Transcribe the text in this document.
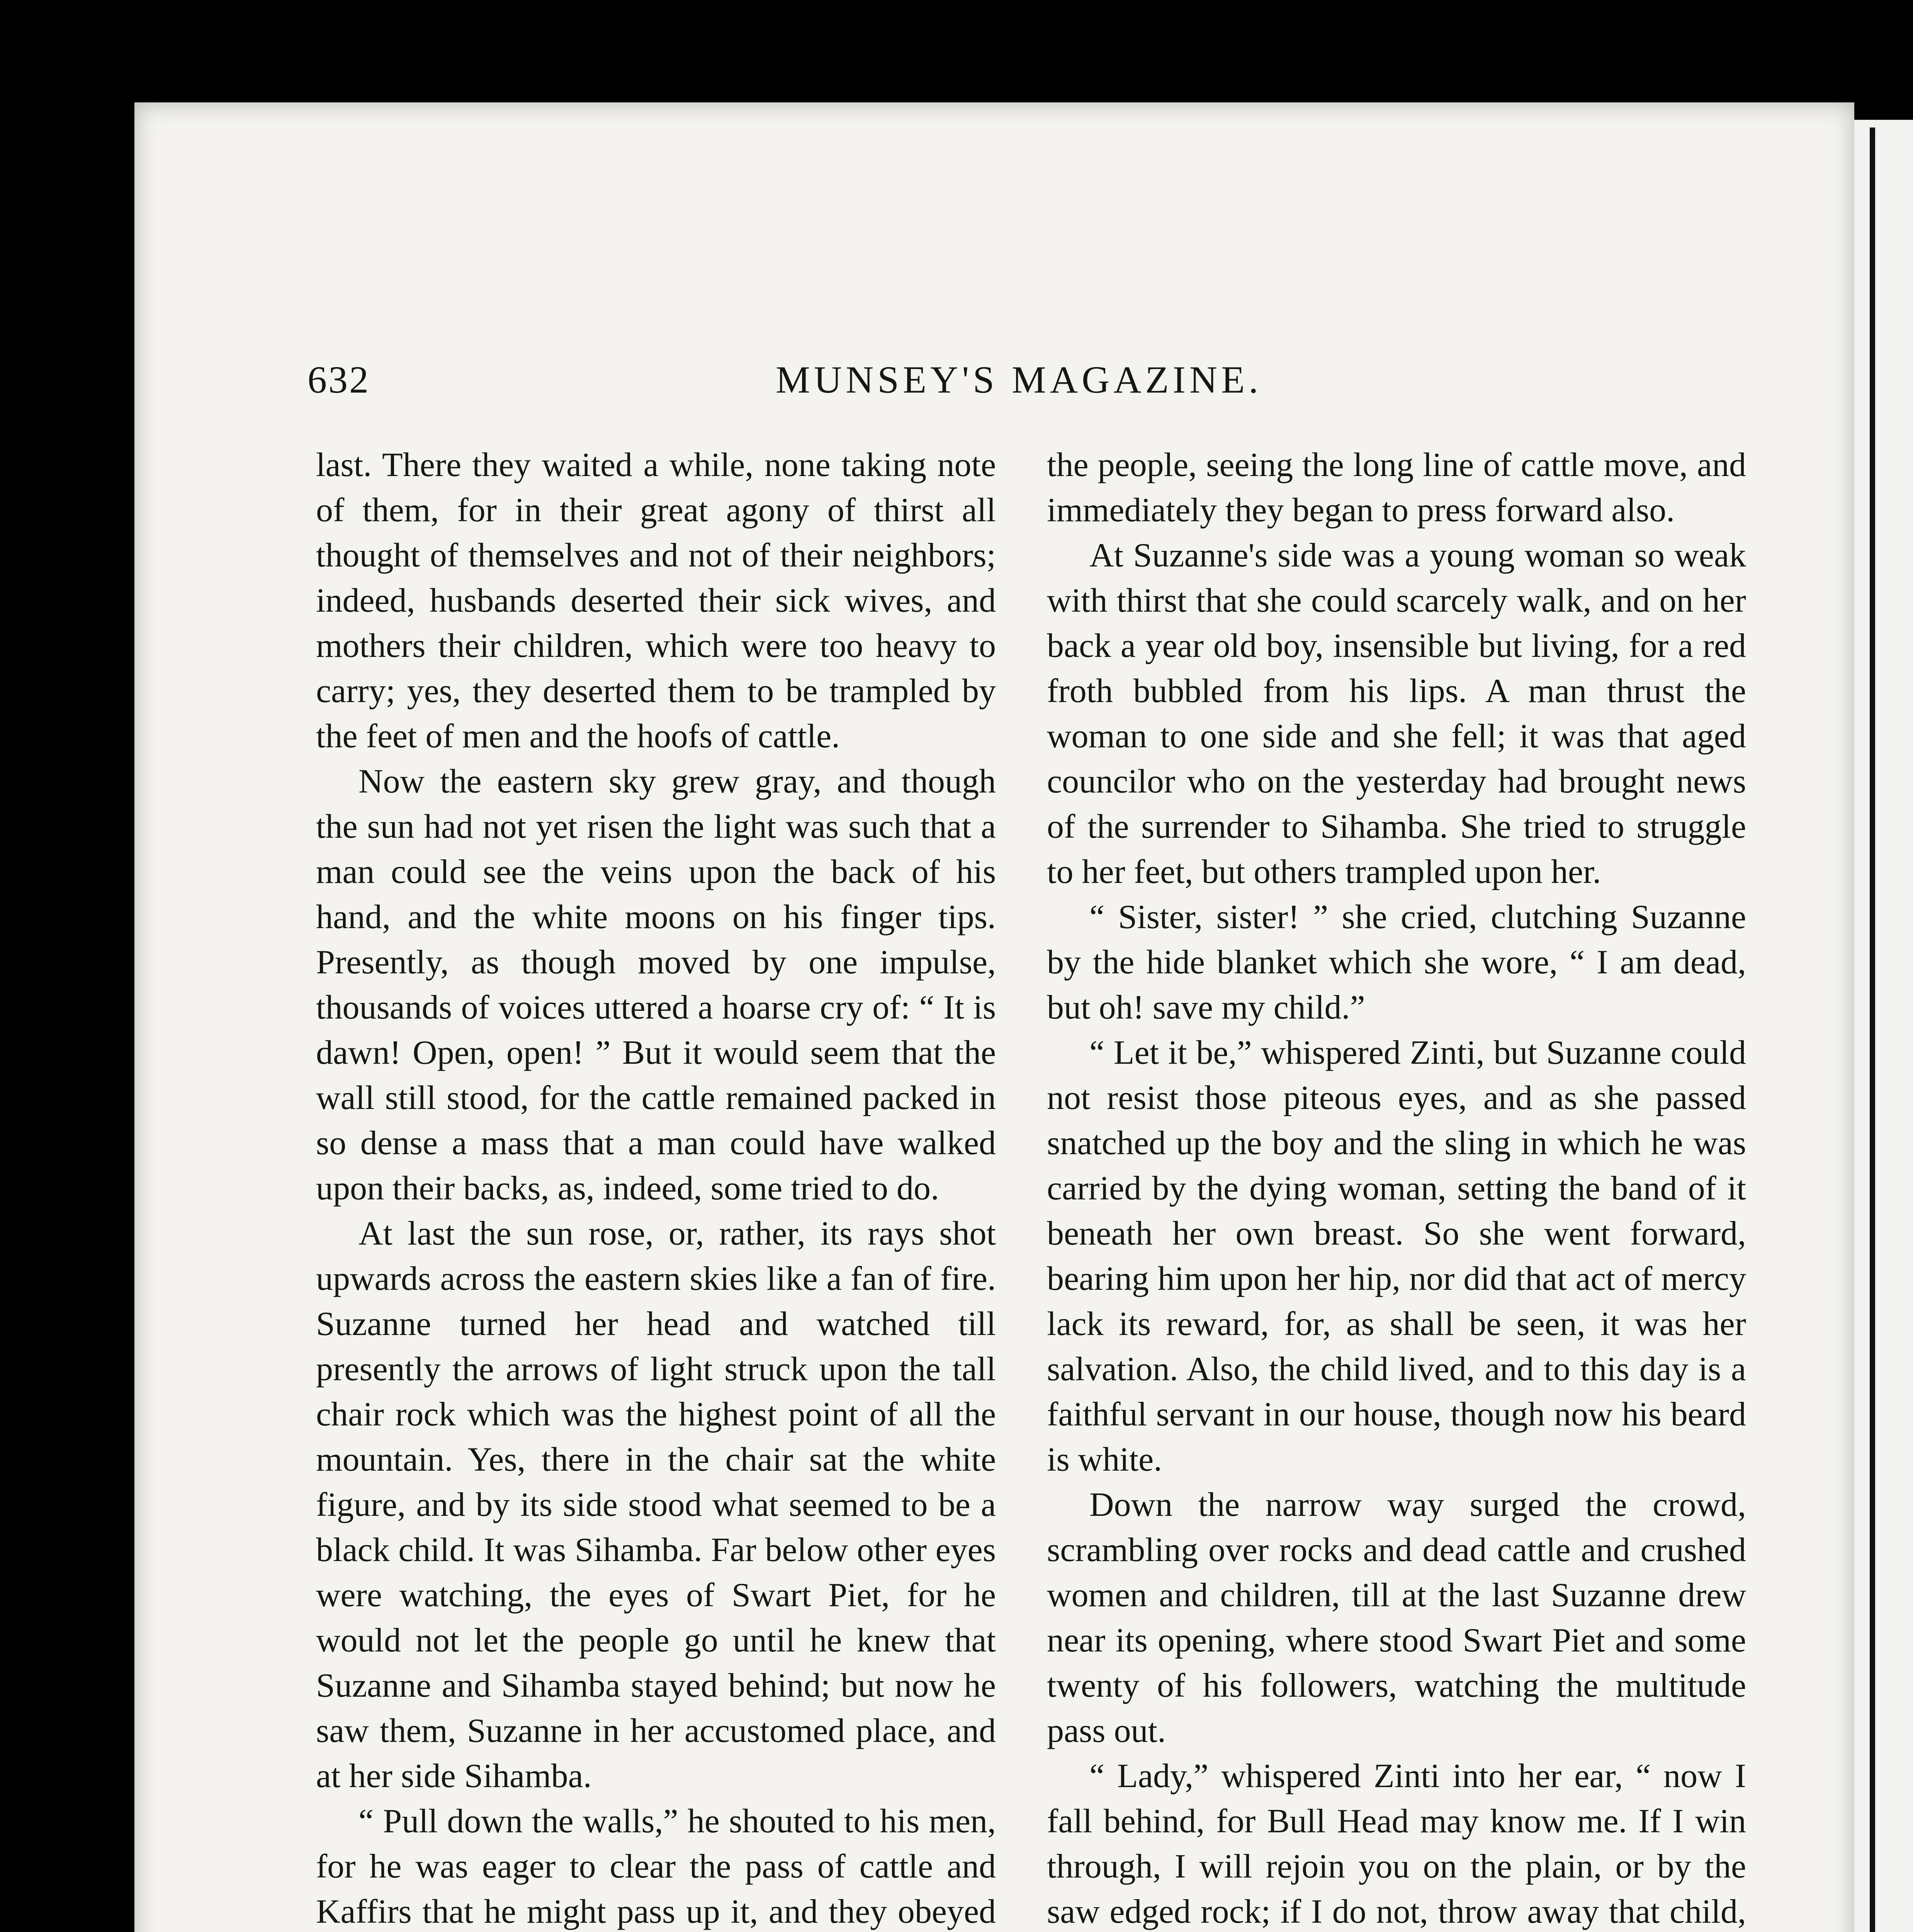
632	MUNSEY'S MAGAZINE.

last. There they waited a while, none taking note of them, for in their great agony of thirst all thought of themselves and not of their neighbors; indeed, husbands deserted their sick wives, and mothers their children, which were too heavy to carry; yes, they deserted them to be trampled by the feet of men and the hoofs of cattle.

Now the eastern sky grew gray, and though the sun had not yet risen the light was such that a man could see the veins upon the back of his hand, and the white moons on his finger tips. Presently, as though moved by one impulse, thousands of voices uttered a hoarse cry of: “ It is dawn! Open, open! ” But it would seem that the wall still stood, for the cattle remained packed in so dense a mass that a man could have walked upon their backs, as, indeed, some tried to do.

At last the sun rose, or, rather, its rays shot upwards across the eastern skies like a fan of fire. Suzanne turned her head and watched till presently the arrows of light struck upon the tall chair rock which was the highest point of all the mountain. Yes, there in the chair sat the white figure, and by its side stood what seemed to be a black child. It was Sihamba. Far below other eyes were watching, the eyes of Swart Piet, for he would not let the people go until he knew that Suzanne and Sihamba stayed behind; but now he saw them, Suzanne in her accustomed place, and at her side Sihamba.

“ Pull down the walls,” he shouted to his men, for he was eager to clear the pass of cattle and Kaffirs that he might pass up it, and they obeyed

the people, seeing the long line of cattle move, and immediately they began to press forward also.

At Suzanne's side was a young woman so weak with thirst that she could scarcely walk, and on her back a year old boy, insensible but living, for a red froth bubbled from his lips. A man thrust the woman to one side and she fell; it was that aged councilor who on the yesterday had brought news of the surrender to Sihamba. She tried to struggle to her feet, but others trampled upon her.

“ Sister, sister! ” she cried, clutching Suzanne by the hide blanket which she wore, “ I am dead, but oh! save my child.”

“ Let it be,” whispered Zinti, but Suzanne could not resist those piteous eyes, and as she passed snatched up the boy and the sling in which he was carried by the dying woman, setting the band of it beneath her own breast. So she went forward, bearing him upon her hip, nor did that act of mercy lack its reward, for, as shall be seen, it was her salvation. Also, the child lived, and to this day is a faithful servant in our house, though now his beard is white.

Down the narrow way surged the crowd, scrambling over rocks and dead cattle and crushed women and children, till at the last Suzanne drew near its opening, where stood Swart Piet and some twenty of his followers, watching the multitude pass out.

“ Lady,” whispered Zinti into her ear, “ now I fall behind, for Bull Head may know me. If I win through, I will rejoin you on the plain, or by the saw edged rock; if I do not, throw away that child,
